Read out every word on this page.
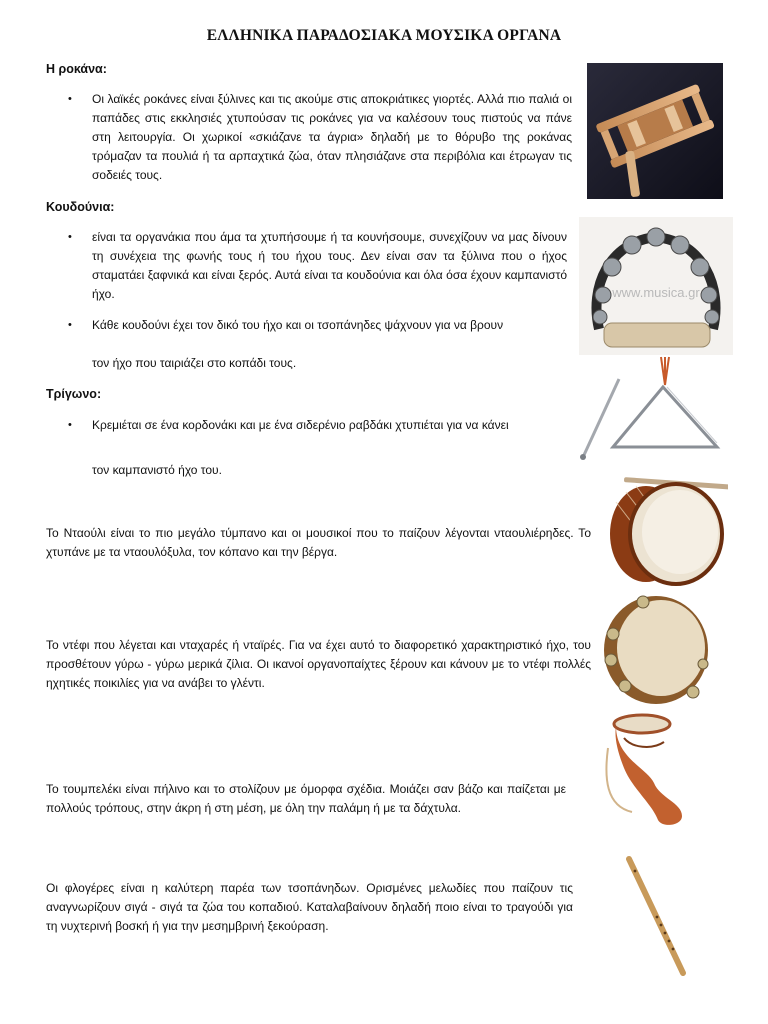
ΕΛΛΗΝΙΚΑ ΠΑΡΑΔΟΣΙΑΚΑ ΜΟΥΣΙΚΑ ΟΡΓΑΝΑ
Η ροκάνα:
• Οι λαϊκές ροκάνες είναι ξύλινες και τις ακούμε στις αποκριάτικες γιορτές. Αλλά πιο παλιά οι παπάδες στις εκκλησιές χτυπούσαν τις ροκάνες για να καλέσουν τους πιστούς να πάνε στη λειτουργία. Οι χωρικοί «σκιάζανε τα άγρια» δηλαδή με το θόρυβο της ροκάνας τρόμαζαν τα πουλιά ή τα αρπαχτικά ζώα, όταν πλησιάζανε στα περιβόλια και έτρωγαν τις σοδειές τους.
Κουδούνια:
• είναι τα οργανάκια που άμα τα χτυπήσουμε ή τα κουνήσουμε, συνεχίζουν να μας δίνουν τη συνέχεια της φωνής τους ή του ήχου τους. Δεν είναι σαν τα ξύλινα που ο ήχος σταματάει ξαφνικά και είναι ξερός. Αυτά είναι τα κουδούνια και όλα όσα έχουν καμπανιστό ήχο.
• Κάθε κουδούνι έχει τον δικό του ήχο και οι τσοπάνηδες ψάχνουν για να βρουν
τον ήχο που ταιριάζει στο κοπάδι τους.
Τρίγωνο:
• Κρεμιέται σε ένα κορδονάκι και με ένα σιδερένιο ραβδάκι χτυπιέται για να κάνει
τον καμπανιστό ήχο του.
Το Νταούλι είναι το πιο μεγάλο τύμπανο και οι μουσικοί που το παίζουν λέγονται νταουλιέρηδες. Το χτυπάνε με τα νταουλόξυλα, τον κόπανο και την βέργα.
Το ντέφι που λέγεται και νταχαρές ή νταϊρές. Για να έχει αυτό το διαφορετικό χαρακτηριστικό ήχο, του προσθέτουν γύρω - γύρω μερικά ζίλια. Οι ικανοί οργανοπαίχτες ξέρουν και κάνουν με το ντέφι πολλές ηχητικές ποικιλίες για να ανάβει το γλέντι.
Το τουμπελέκι είναι πήλινο και το στολίζουν με όμορφα σχέδια. Μοιάζει σαν βάζο και παίζεται με πολλούς τρόπους, στην άκρη ή στη μέση, με όλη την παλάμη ή με τα δάχτυλα.
Οι φλογέρες είναι η καλύτερη παρέα των τσοπάνηδων. Ορισμένες μελωδίες που παίζουν τις αναγνωρίζουν σιγά - σιγά τα ζώα του κοπαδιού. Καταλαβαίνουν δηλαδή ποιο είναι το τραγούδι για τη νυχτερινή βοσκή ή για την μεσημβρινή ξεκούραση.
www.musica.gr
